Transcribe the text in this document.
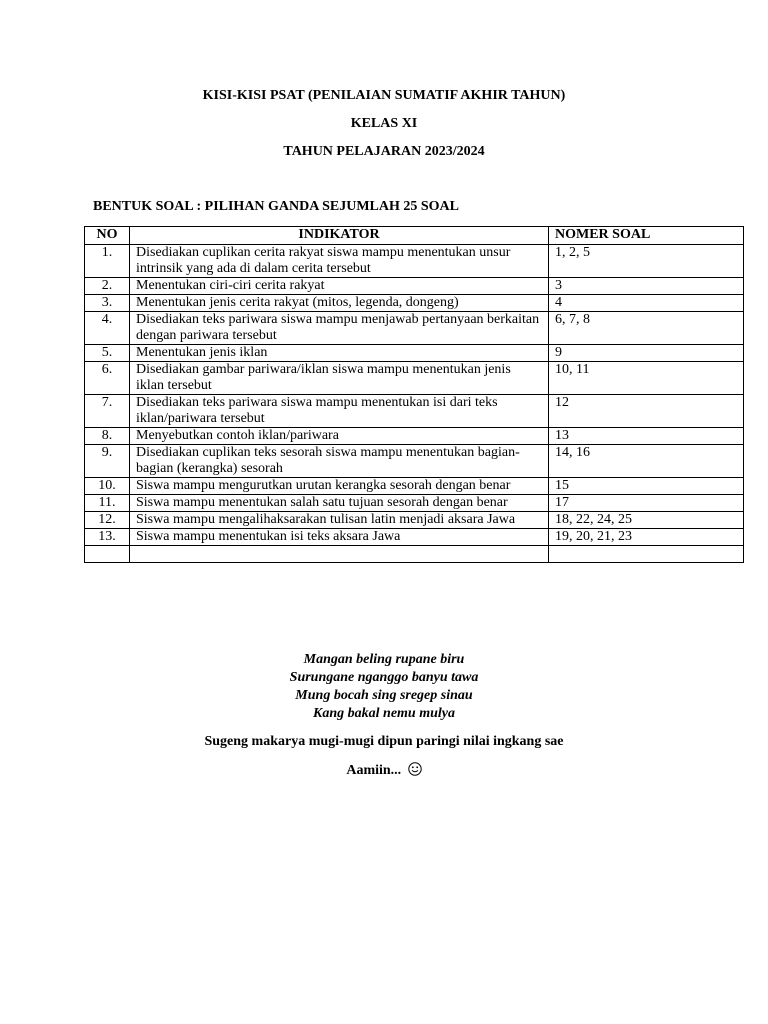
KISI-KISI PSAT (PENILAIAN SUMATIF AKHIR TAHUN)
KELAS XI
TAHUN PELAJARAN 2023/2024
BENTUK SOAL : PILIHAN GANDA SEJUMLAH 25 SOAL
NO	INDIKATOR	NOMER SOAL
1.	Disediakan cuplikan cerita rakyat siswa mampu menentukan unsur intrinsik yang ada di dalam cerita tersebut	1, 2, 5
2.	Menentukan ciri-ciri cerita rakyat	3
3.	Menentukan jenis cerita rakyat (mitos, legenda, dongeng)	4
4.	Disediakan teks pariwara siswa mampu menjawab pertanyaan berkaitan dengan pariwara tersebut	6, 7, 8
5.	Menentukan jenis iklan	9
6.	Disediakan gambar pariwara/iklan siswa mampu menentukan jenis iklan tersebut	10, 11
7.	Disediakan teks pariwara siswa mampu menentukan isi dari teks iklan/pariwara tersebut	12
8.	Menyebutkan contoh iklan/pariwara	13
9.	Disediakan cuplikan teks sesorah siswa mampu menentukan bagian-bagian (kerangka) sesorah	14, 16
10.	Siswa mampu mengurutkan urutan kerangka sesorah dengan benar	15
11.	Siswa mampu menentukan salah satu tujuan sesorah dengan benar	17
12.	Siswa mampu mengalihaksarakan tulisan latin menjadi aksara Jawa	18, 22, 24, 25
13.	Siswa mampu menentukan isi teks aksara Jawa	19, 20, 21, 23

Mangan beling rupane biru
Surungane nganggo banyu tawa
Mung bocah sing sregep sinau
Kang bakal nemu mulya
Sugeng makarya mugi-mugi dipun paringi nilai ingkang sae
Aamiin...
